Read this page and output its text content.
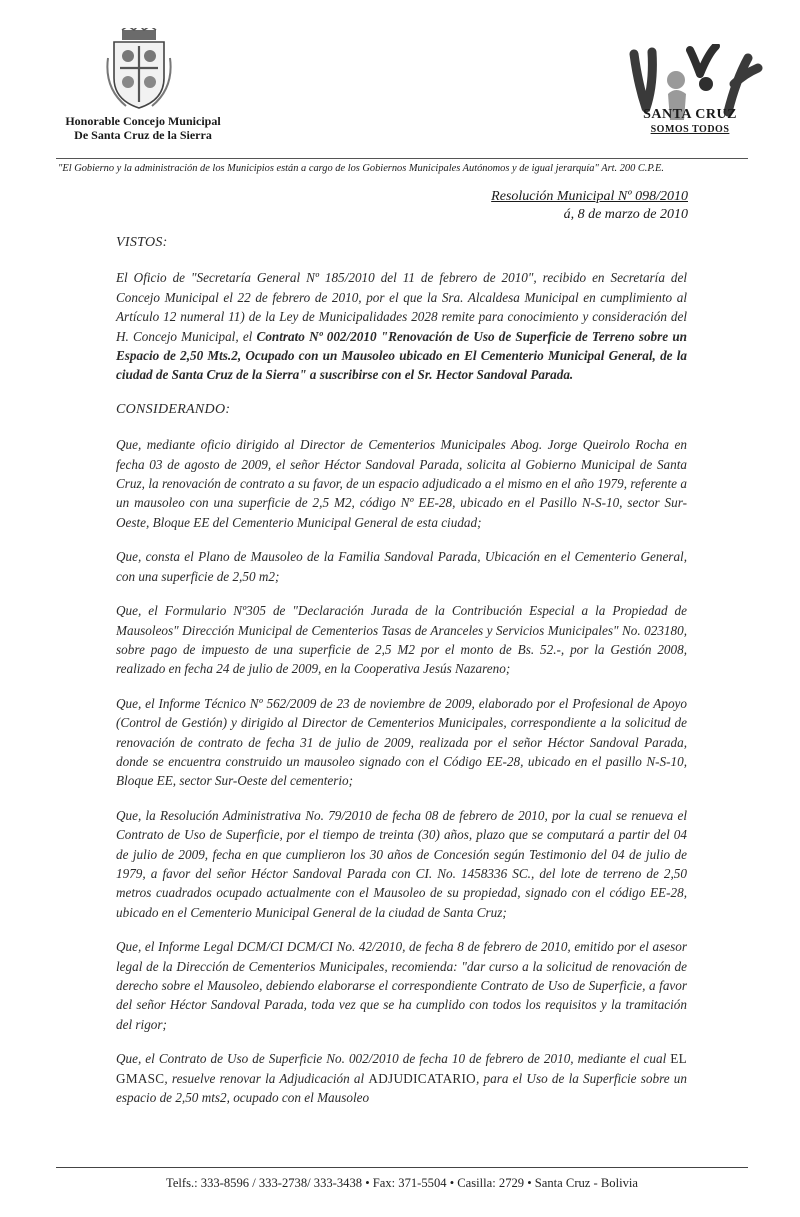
Honorable Concejo Municipal
De Santa Cruz de la Sierra
SANTA CRUZ
SOMOS TODOS
"El Gobierno y la administración de los Municipios están a cargo de los Gobiernos Municipales Autónomos y de igual jerarquía" Art. 200 C.P.E.
Resolución Municipal Nº 098/2010
á, 8 de marzo de 2010

VISTOS:

El Oficio de "Secretaría General Nº 185/2010 del 11 de febrero de 2010", recibido en Secretaría del Concejo Municipal el 22 de febrero de 2010, por el que la Sra. Alcaldesa Municipal en cumplimiento al Artículo 12 numeral 11) de la Ley de Municipalidades 2028 remite para conocimiento y consideración del H. Concejo Municipal, el Contrato Nº 002/2010 "Renovación de Uso de Superficie de Terreno sobre un Espacio de 2,50 Mts.2, Ocupado con un Mausoleo ubicado en El Cementerio Municipal General, de la ciudad de Santa Cruz de la Sierra" a suscribirse con el Sr. Hector Sandoval Parada.

CONSIDERANDO:

Que, mediante oficio dirigido al Director de Cementerios Municipales Abog. Jorge Queirolo Rocha en fecha 03 de agosto de 2009, el señor Héctor Sandoval Parada, solicita al Gobierno Municipal de Santa Cruz, la renovación de contrato a su favor, de un espacio adjudicado a el mismo en el año 1979, referente a un mausoleo con una superficie de 2,5 M2, código Nº EE-28, ubicado en el Pasillo N-S-10, sector Sur-Oeste, Bloque EE del Cementerio Municipal General de esta ciudad;

Que, consta el Plano de Mausoleo de la Familia Sandoval Parada, Ubicación en el Cementerio General, con una superficie de 2,50 m2;

Que, el Formulario Nº305 de "Declaración Jurada de la Contribución Especial a la Propiedad de Mausoleos" Dirección Municipal de Cementerios Tasas de Aranceles y Servicios Municipales" No. 023180, sobre pago de impuesto de una superficie de 2,5 M2 por el monto de Bs. 52.-, por la Gestión 2008, realizado en fecha 24 de julio de 2009, en la Cooperativa Jesús Nazareno;

Que, el Informe Técnico Nº 562/2009 de 23 de noviembre de 2009, elaborado por el Profesional de Apoyo (Control de Gestión) y dirigido al Director de Cementerios Municipales, correspondiente a la solicitud de renovación de contrato de fecha 31 de julio de 2009, realizada por el señor Héctor Sandoval Parada, donde se encuentra construido un mausoleo signado con el Código EE-28, ubicado en el pasillo N-S-10, Bloque EE, sector Sur-Oeste del cementerio;

Que, la Resolución Administrativa No. 79/2010 de fecha 08 de febrero de 2010, por la cual se renueva el Contrato de Uso de Superficie, por el tiempo de treinta (30) años, plazo que se computará a partir del 04 de julio de 2009, fecha en que cumplieron los 30 años de Concesión según Testimonio del 04 de julio de 1979, a favor del señor Héctor Sandoval Parada con CI. No. 1458336 SC., del lote de terreno de 2,50 metros cuadrados ocupado actualmente con el Mausoleo de su propiedad, signado con el código EE-28, ubicado en el Cementerio Municipal General de la ciudad de Santa Cruz;

Que, el Informe Legal DCM/CI DCM/CI No. 42/2010, de fecha 8 de febrero de 2010, emitido por el asesor legal de la Dirección de Cementerios Municipales, recomienda: "dar curso a la solicitud de renovación de derecho sobre el Mausoleo, debiendo elaborarse el correspondiente Contrato de Uso de Superficie, a favor del señor Héctor Sandoval Parada, toda vez que se ha cumplido con todos los requisitos y la tramitación del rigor;

Que, el Contrato de Uso de Superficie No. 002/2010 de fecha 10 de febrero de 2010, mediante el cual EL GMASC, resuelve renovar la Adjudicación al ADJUDICATARIO, para el Uso de la Superficie sobre un espacio de 2,50 mts2, ocupado con el Mausoleo

Telfs.: 333-8596 / 333-2738/ 333-3438 • Fax: 371-5504 • Casilla: 2729 • Santa Cruz - Bolivia
